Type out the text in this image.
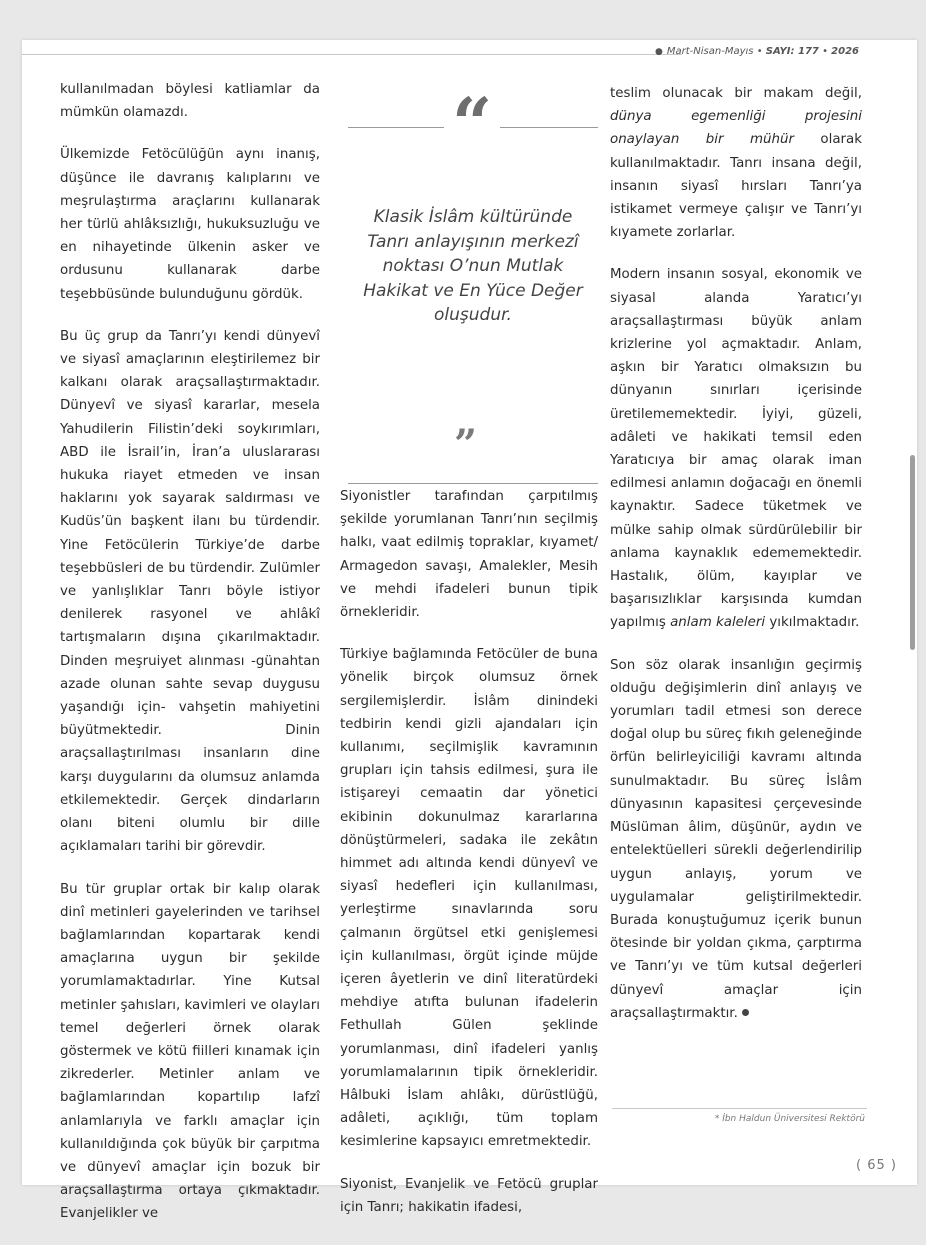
● Mart-Nisan-Mayıs • SAYI: 177 • 2026

kullanılmadan böylesi katliamlar da mümkün olamazdı.

Ülkemizde Fetöcülüğün aynı inanış, düşünce ile davranış kalıplarını ve meşrulaştırma araçlarını kullanarak her türlü ahlâksızlığı, hukuksuzluğu ve en nihayetinde ülkenin asker ve ordusunu kullanarak darbe teşebbüsünde bulunduğunu gördük.

Bu üç grup da Tanrı’yı kendi dünyevî ve siyasî amaçlarının eleştirilemez bir kalkanı olarak araçsallaştırmaktadır. Dünyevî ve siyasî kararlar, mesela Yahudilerin Filistin’deki soykırımları, ABD ile İsrail’in, İran’a uluslararası hukuka riayet etmeden ve insan haklarını yok sayarak saldırması ve Kudüs’ün başkent ilanı bu türdendir. Yine Fetöcülerin Türkiye’de darbe teşebbüsleri de bu türdendir. Zulümler ve yanlışlıklar Tanrı böyle istiyor denilerek rasyonel ve ahlâkî tartışmaların dışına çıkarılmaktadır. Dinden meşruiyet alınması -günahtan azade olunan sahte sevap duygusu yaşandığı için- vahşetin mahiyetini büyütmektedir. Dinin araçsallaştırılması insanların dine karşı duygularını da olumsuz anlamda etkilemektedir. Gerçek dindarların olanı biteni olumlu bir dille açıklamaları tarihi bir görevdir.

Bu tür gruplar ortak bir kalıp olarak dinî metinleri gayelerinden ve tarihsel bağlamlarından kopartarak kendi amaçlarına uygun bir şekilde yorumlamaktadırlar. Yine Kutsal metinler şahısları, kavimleri ve olayları temel değerleri örnek olarak göstermek ve kötü fiilleri kınamak için zikrederler. Metinler anlam ve bağlamlarından kopartılıp lafzî anlamlarıyla ve farklı amaçlar için kullanıldığında çok büyük bir çarpıtma ve dünyevî amaçlar için bozuk bir araçsallaştırma ortaya çıkmaktadır. Evanjelikler ve

“
Klasik İslâm kültüründe Tanrı anlayışının merkezî noktası O’nun Mutlak Hakikat ve En Yüce Değer oluşudur.
”

Siyonistler tarafından çarpıtılmış şekilde yorumlanan Tanrı’nın seçilmiş halkı, vaat edilmiş topraklar, kıyamet/ Armagedon savaşı, Amalekler, Mesih ve mehdi ifadeleri bunun tipik örnekleridir.

Türkiye bağlamında Fetöcüler de buna yönelik birçok olumsuz örnek sergilemişlerdir. İslâm dinindeki tedbirin kendi gizli ajandaları için kullanımı, seçilmişlik kavramının grupları için tahsis edilmesi, şura ile istişareyi cemaatin dar yönetici ekibinin dokunulmaz kararlarına dönüştürmeleri, sadaka ile zekâtın himmet adı altında kendi dünyevî ve siyasî hedefleri için kullanılması, yerleştirme sınavlarında soru çalmanın örgütsel etki genişlemesi için kullanılması, örgüt içinde müjde içeren âyetlerin ve dinî literatürdeki mehdiye atıfta bulunan ifadelerin Fethullah Gülen şeklinde yorumlanması, dinî ifadeleri yanlış yorumlamalarının tipik örnekleridir. Hâlbuki İslam ahlâkı, dürüstlüğü, adâleti, açıklığı, tüm toplam kesimlerine kapsayıcı emretmektedir.

Siyonist, Evanjelik ve Fetöcü gruplar için Tanrı; hakikatin ifadesi,

teslim olunacak bir makam değil, dünya egemenliği projesini onaylayan bir mühür olarak kullanılmaktadır. Tanrı insana değil, insanın siyasî hırsları Tanrı’ya istikamet vermeye çalışır ve Tanrı’yı kıyamete zorlarlar.

Modern insanın sosyal, ekonomik ve siyasal alanda Yaratıcı’yı araçsallaştırması büyük anlam krizlerine yol açmaktadır. Anlam, aşkın bir Yaratıcı olmaksızın bu dünyanın sınırları içerisinde üretilememektedir. İyiyi, güzeli, adâleti ve hakikati temsil eden Yaratıcıya bir amaç olarak iman edilmesi anlamın doğacağı en önemli kaynaktır. Sadece tüketmek ve mülke sahip olmak sürdürülebilir bir anlama kaynaklık edememektedir. Hastalık, ölüm, kayıplar ve başarısızlıklar karşısında kumdan yapılmış anlam kaleleri yıkılmaktadır.

Son söz olarak insanlığın geçirmiş olduğu değişimlerin dinî anlayış ve yorumları tadil etmesi son derece doğal olup bu süreç fıkıh geleneğinde örfün belirleyiciliği kavramı altında sunulmaktadır. Bu süreç İslâm dünyasının kapasitesi çerçevesinde Müslüman âlim, düşünür, aydın ve entelektüelleri sürekli değerlendirilip uygun anlayış, yorum ve uygulamalar geliştirilmektedir. Burada konuştuğumuz içerik bunun ötesinde bir yoldan çıkma, çarptırma ve Tanrı’yı ve tüm kutsal değerleri dünyevî amaçlar için araçsallaştırmaktır.

* İbn Haldun Üniversitesi Rektörü
( 65 )
